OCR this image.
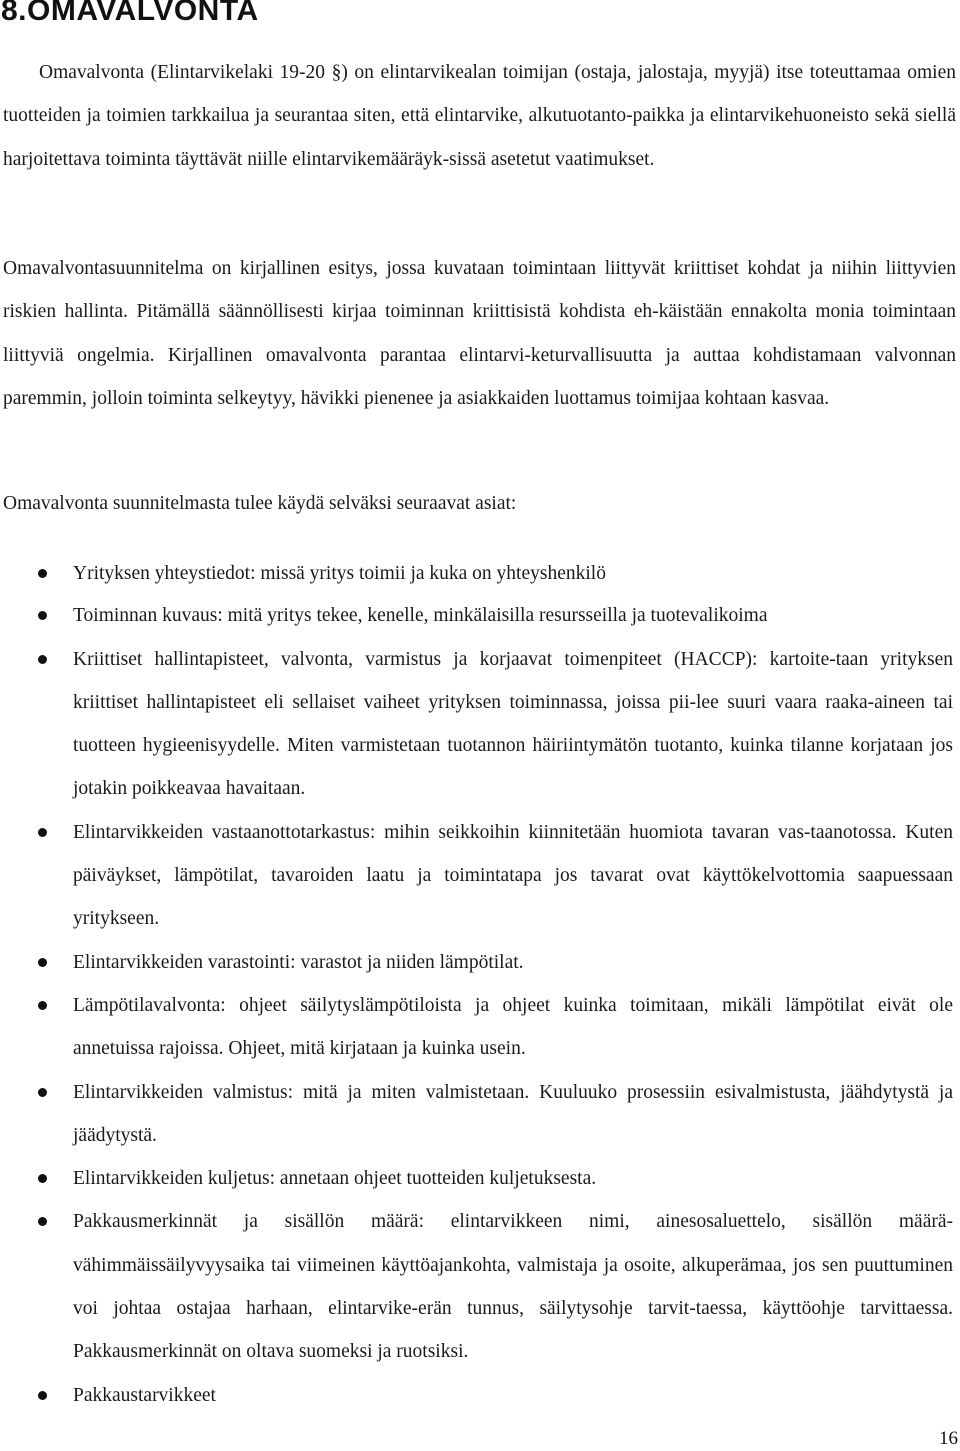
8.OMAVALVONTA

Omavalvonta (Elintarvikelaki 19-20 §) on elintarvikealan toimijan (ostaja, jalostaja, myyjä) itse toteuttamaa omien tuotteiden ja toimien tarkkailua ja seurantaa siten, että elintarvike, alkutuotanto-paikka ja elintarvikehuoneisto sekä siellä harjoitettava toiminta täyttävät niille elintarvikemääräyk-sissä asetetut vaatimukset.

Omavalvontasuunnitelma on kirjallinen esitys, jossa kuvataan toimintaan liittyvät kriittiset kohdat ja niihin liittyvien riskien hallinta. Pitämällä säännöllisesti kirjaa toiminnan kriittisistä kohdista eh-käistään ennakolta monia toimintaan liittyviä ongelmia. Kirjallinen omavalvonta parantaa elintarvi-keturvallisuutta ja auttaa kohdistamaan valvonnan paremmin, jolloin toiminta selkeytyy, hävikki pienenee ja asiakkaiden luottamus toimijaa kohtaan kasvaa.

Omavalvonta suunnitelmasta tulee käydä selväksi seuraavat asiat:

Yrityksen yhteystiedot: missä yritys toimii ja kuka on yhteyshenkilö
Toiminnan kuvaus: mitä yritys tekee, kenelle, minkälaisilla resursseilla ja tuotevalikoima
Kriittiset hallintapisteet, valvonta, varmistus ja korjaavat toimenpiteet (HACCP): kartoite-taan yrityksen kriittiset hallintapisteet eli sellaiset vaiheet yrityksen toiminnassa, joissa pii-lee suuri vaara raaka-aineen tai tuotteen hygieenisyydelle. Miten varmistetaan tuotannon häiriintymätön tuotanto, kuinka tilanne korjataan jos jotakin poikkeavaa havaitaan.
Elintarvikkeiden vastaanottotarkastus: mihin seikkoihin kiinnitetään huomiota tavaran vas-taanotossa. Kuten päiväykset, lämpötilat, tavaroiden laatu ja toimintatapa jos tavarat ovat käyttökelvottomia saapuessaan yritykseen.
Elintarvikkeiden varastointi: varastot ja niiden lämpötilat.
Lämpötilavalvonta: ohjeet säilytyslämpötiloista ja ohjeet kuinka toimitaan, mikäli lämpötilat eivät ole annetuissa rajoissa. Ohjeet, mitä kirjataan ja kuinka usein.
Elintarvikkeiden valmistus: mitä ja miten valmistetaan. Kuuluuko prosessiin esivalmistusta, jäähdytystä ja jäädytystä.
Elintarvikkeiden kuljetus: annetaan ohjeet tuotteiden kuljetuksesta.
Pakkausmerkinnät ja sisällön määrä: elintarvikkeen nimi, ainesosaluettelo, sisällön määrä-vähimmäissäilyvyysaika tai viimeinen käyttöajankohta, valmistaja ja osoite, alkuperämaa, jos sen puuttuminen voi johtaa ostajaa harhaan, elintarvike-erän tunnus, säilytysohje tarvit-taessa, käyttöohje tarvittaessa. Pakkausmerkinnät on oltava suomeksi ja ruotsiksi.
Pakkaustarvikkeet
16
